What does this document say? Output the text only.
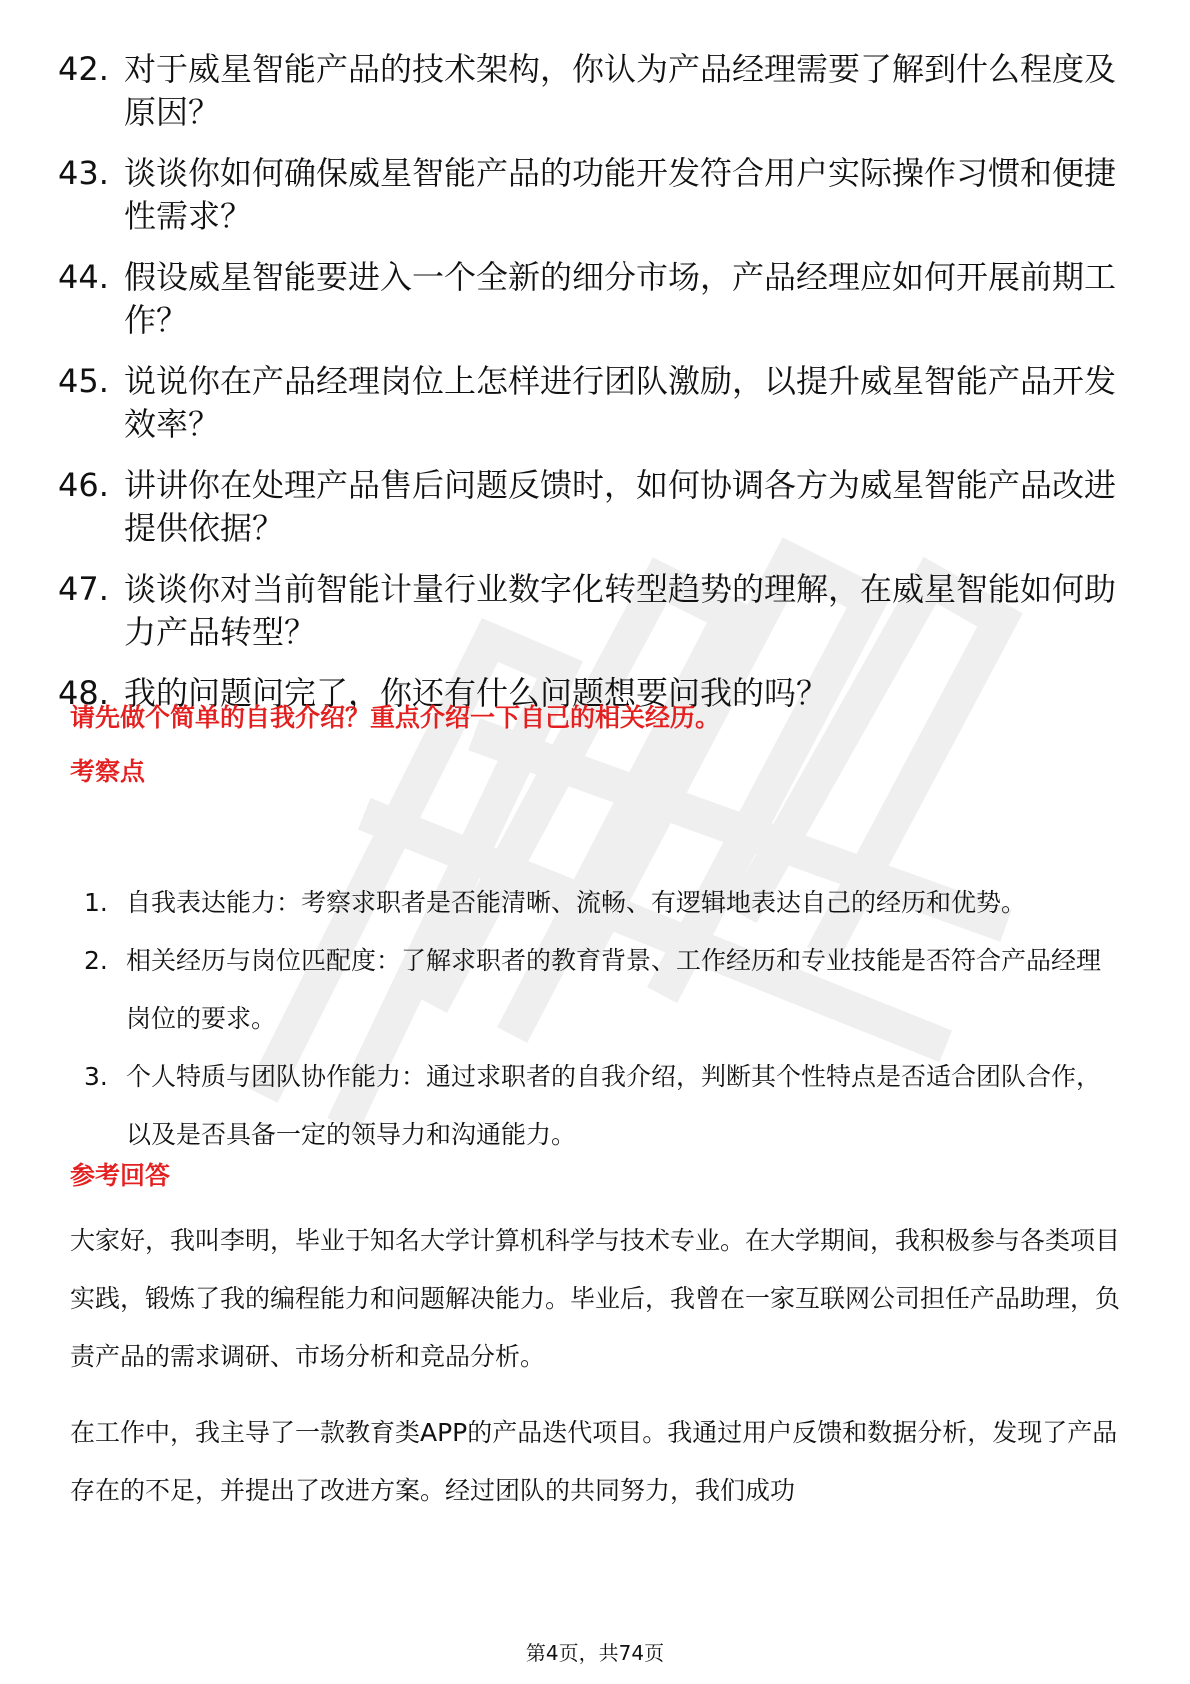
42. 对于威星智能产品的技术架构，你认为产品经理需要了解到什么程度及原因？
43. 谈谈你如何确保威星智能产品的功能开发符合用户实际操作习惯和便捷性需求？
44. 假设威星智能要进入一个全新的细分市场，产品经理应如何开展前期工作？
45. 说说你在产品经理岗位上怎样进行团队激励，以提升威星智能产品开发效率？
46. 讲讲你在处理产品售后问题反馈时，如何协调各方为威星智能产品改进提供依据？
47. 谈谈你对当前智能计量行业数字化转型趋势的理解，在威星智能如何助力产品转型？
48. 我的问题问完了，你还有什么问题想要问我的吗？
请先做个简单的自我介绍？重点介绍一下自己的相关经历。
考察点
1. 自我表达能力：考察求职者是否能清晰、流畅、有逻辑地表达自己的经历和优势。
2. 相关经历与岗位匹配度：了解求职者的教育背景、工作经历和专业技能是否符合产品经理岗位的要求。
3. 个人特质与团队协作能力：通过求职者的自我介绍，判断其个性特点是否适合团队合作，以及是否具备一定的领导力和沟通能力。
参考回答

大家好，我叫李明，毕业于知名大学计算机科学与技术专业。在大学期间，我积极参与各类项目实践，锻炼了我的编程能力和问题解决能力。毕业后，我曾在一家互联网公司担任产品助理，负责产品的需求调研、市场分析和竞品分析。

在工作中，我主导了一款教育类APP的产品迭代项目。我通过用户反馈和数据分析，发现了产品存在的不足，并提出了改进方案。经过团队的共同努力，我们成功

第4页，共74页
